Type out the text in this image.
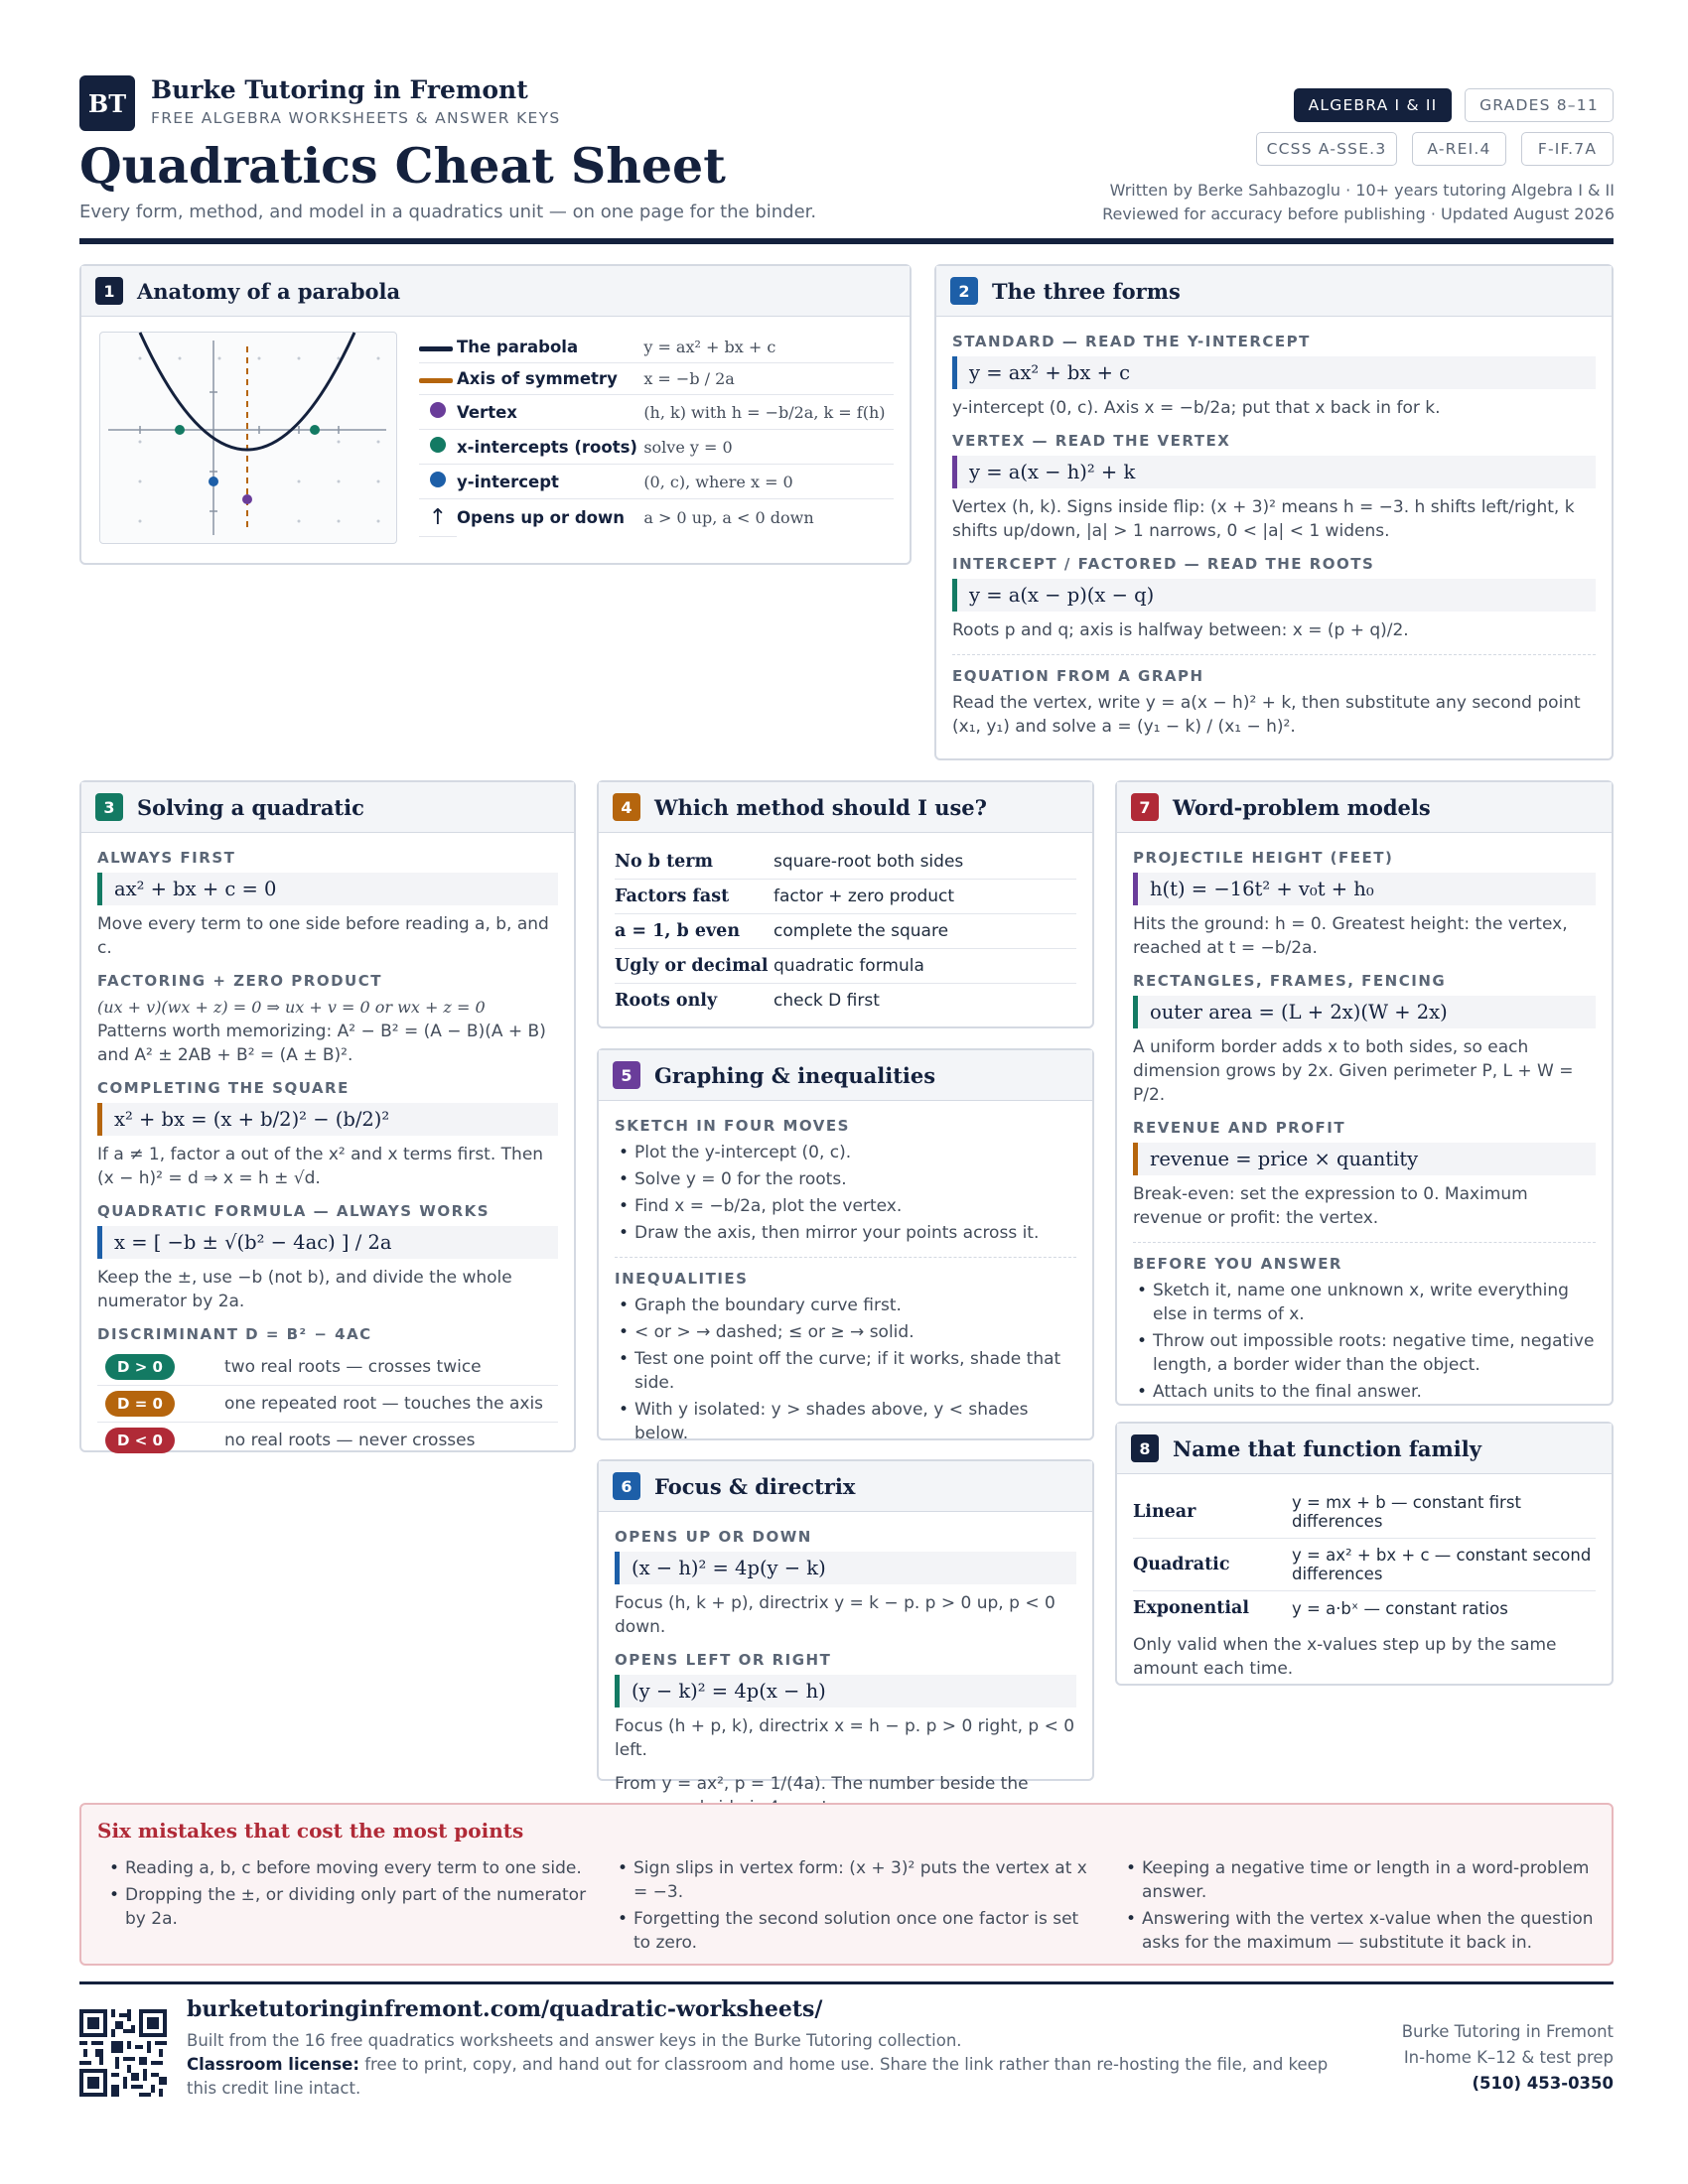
BT Burke Tutoring in Fremont
FREE ALGEBRA WORKSHEETS & ANSWER KEYS
Quadratics Cheat Sheet
Every form, method, and model in a quadratics unit — on one page for the binder.
ALGEBRA I & II	GRADES 8–11
CCSS A-SSE.3	A-REI.4	F-IF.7A
Written by Berke Sahbazoglu · 10+ years tutoring Algebra I & II
Reviewed for accuracy before publishing · Updated August 2026
1	Anatomy of a parabola
	The parabola	y = ax² + bx + c
	Axis of symmetry	x = −b / 2a
	Vertex	(h, k) with h = −b/2a, k = f(h)
	x-intercepts (roots)	solve y = 0
	y-intercept	(0, c), where x = 0
↑	Opens up or down	a > 0 up, a < 0 down
2	The three forms
STANDARD — READ THE Y-INTERCEPT
y = ax² + bx + c
y-intercept (0, c). Axis x = −b/2a; put that x back in for k.
VERTEX — READ THE VERTEX
y = a(x − h)² + k
Vertex (h, k). Signs inside flip: (x + 3)² means h = −3. h shifts left/right, k shifts up/down, |a| > 1 narrows, 0 < |a| < 1 widens.
INTERCEPT / FACTORED — READ THE ROOTS
y = a(x − p)(x − q)
Roots p and q; axis is halfway between: x = (p + q)/2.
EQUATION FROM A GRAPH
Read the vertex, write y = a(x − h)² + k, then substitute any second point (x₁, y₁) and solve a = (y₁ − k) / (x₁ − h)².
3	Solving a quadratic
ALWAYS FIRST
ax² + bx + c = 0
Move every term to one side before reading a, b, and c.
FACTORING + ZERO PRODUCT
(ux + v)(wx + z) = 0 ⇒ ux + v = 0 or wx + z = 0
Patterns worth memorizing: A² − B² = (A − B)(A + B) and A² ± 2AB + B² = (A ± B)².
COMPLETING THE SQUARE
x² + bx = (x + b/2)² − (b/2)²
If a ≠ 1, factor a out of the x² and x terms first. Then (x − h)² = d ⇒ x = h ± √d.
QUADRATIC FORMULA — ALWAYS WORKS
x = [ −b ± √(b² − 4ac) ] / 2a
Keep the ±, use −b (not b), and divide the whole numerator by 2a.
DISCRIMINANT D = B² − 4AC
D > 0	two real roots — crosses twice
D = 0	one repeated root — touches the axis
D < 0	no real roots — never crosses
4	Which method should I use?
No b term	square-root both sides
Factors fast	factor + zero product
a = 1, b even	complete the square
Ugly or decimal	quadratic formula
Roots only	check D first
5	Graphing & inequalities
SKETCH IN FOUR MOVES
• Plot the y-intercept (0, c).
• Solve y = 0 for the roots.
• Find x = −b/2a, plot the vertex.
• Draw the axis, then mirror your points across it.
INEQUALITIES
• Graph the boundary curve first.
• < or > → dashed; ≤ or ≥ → solid.
• Test one point off the curve; if it works, shade that side.
• With y isolated: y > shades above, y < shades below.
6	Focus & directrix
OPENS UP OR DOWN
(x − h)² = 4p(y − k)
Focus (h, k + p), directrix y = k − p. p > 0 up, p < 0 down.
OPENS LEFT OR RIGHT
(y − k)² = 4p(x − h)
Focus (h + p, k), directrix x = h − p. p > 0 right, p < 0 left.
From y = ax², p = 1/(4a). The number beside the
7	Word-problem models
PROJECTILE HEIGHT (FEET)
h(t) = −16t² + v₀t + h₀
Hits the ground: h = 0. Greatest height: the vertex, reached at t = −b/2a.
RECTANGLES, FRAMES, FENCING
outer area = (L + 2x)(W + 2x)
A uniform border adds x to both sides, so each dimension grows by 2x. Given perimeter P, L + W = P/2.
REVENUE AND PROFIT
revenue = price × quantity
Break-even: set the expression to 0. Maximum revenue or profit: the vertex.
BEFORE YOU ANSWER
• Sketch it, name one unknown x, write everything else in terms of x.
• Throw out impossible roots: negative time, negative length, a border wider than the object.
• Attach units to the final answer.
8	Name that function family
Linear	y = mx + b — constant first differences
Quadratic	y = ax² + bx + c — constant second differences
Exponential	y = a·bˣ — constant ratios
Only valid when the x-values step up by the same amount each time.
Six mistakes that cost the most points
• Reading a, b, c before moving every term to one side.
• Dropping the ±, or dividing only part of the numerator by 2a.
• Sign slips in vertex form: (x + 3)² puts the vertex at x = −3.
• Forgetting the second solution once one factor is set to zero.
• Keeping a negative time or length in a word-problem answer.
• Answering with the vertex x-value when the question asks for the maximum — substitute it back in.
burketutoringinfremont.com/quadratic-worksheets/
Built from the 16 free quadratics worksheets and answer keys in the Burke Tutoring collection.
Classroom license: free to print, copy, and hand out for classroom and home use. Share the link rather than re-hosting the file, and keep this credit line intact.
Burke Tutoring in Fremont
In-home K–12 & test prep
(510) 453-0350
